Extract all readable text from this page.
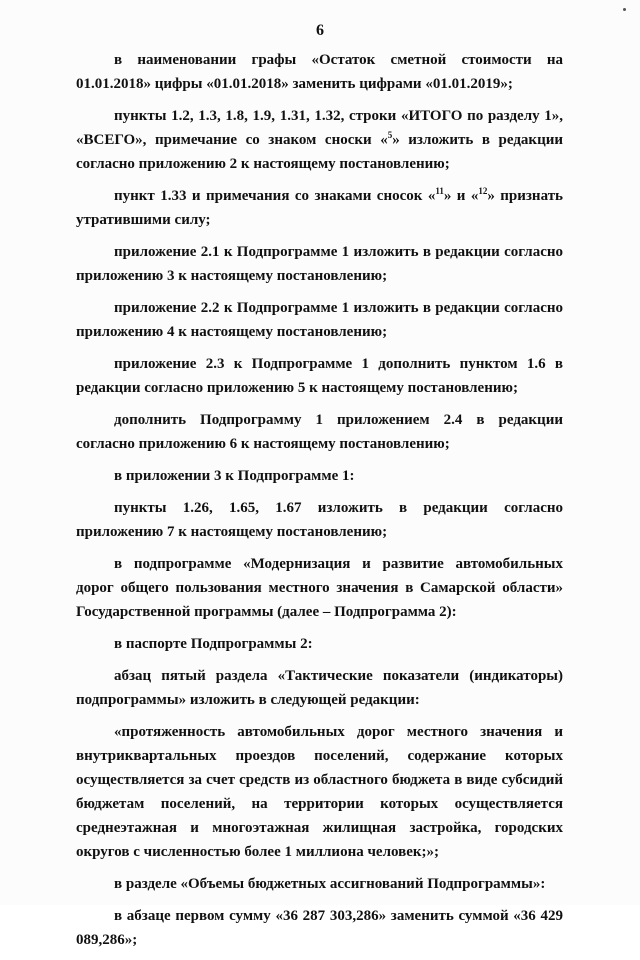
6

в наименовании графы «Остаток сметной стоимости на 01.01.2018» цифры «01.01.2018» заменить цифрами «01.01.2019»;

пункты 1.2, 1.3, 1.8, 1.9, 1.31, 1.32, строки «ИТОГО по разделу 1», «ВСЕГО», примечание со знаком сноски «$^5$» изложить в редакции согласно приложению 2 к настоящему постановлению;

пункт 1.33 и примечания со знаками сносок «$^{11}$» и «$^{12}$» признать утратившими силу;

приложение 2.1 к Подпрограмме 1 изложить в редакции согласно приложению 3 к настоящему постановлению;

приложение 2.2 к Подпрограмме 1 изложить в редакции согласно приложению 4 к настоящему постановлению;

приложение 2.3 к Подпрограмме 1 дополнить пунктом 1.6 в редакции согласно приложению 5 к настоящему постановлению;

дополнить Подпрограмму 1 приложением 2.4 в редакции согласно приложению 6 к настоящему постановлению;

в приложении 3 к Подпрограмме 1:

пункты 1.26, 1.65, 1.67 изложить в редакции согласно приложению 7 к настоящему постановлению;

в подпрограмме «Модернизация и развитие автомобильных дорог общего пользования местного значения в Самарской области» Государственной программы (далее – Подпрограмма 2):

в паспорте Подпрограммы 2:

абзац пятый раздела «Тактические показатели (индикаторы) подпрограммы» изложить в следующей редакции:

«протяженность автомобильных дорог местного значения и внутриквартальных проездов поселений, содержание которых осуществляется за счет средств из областного бюджета в виде субсидий бюджетам поселений, на территории которых осуществляется среднеэтажная и многоэтажная жилищная застройка, городских округов с численностью более 1 миллиона человек;»;

в разделе «Объемы бюджетных ассигнований Подпрограммы»:

в абзаце первом сумму «36 287 303,286» заменить суммой «36 429 089,286»;
